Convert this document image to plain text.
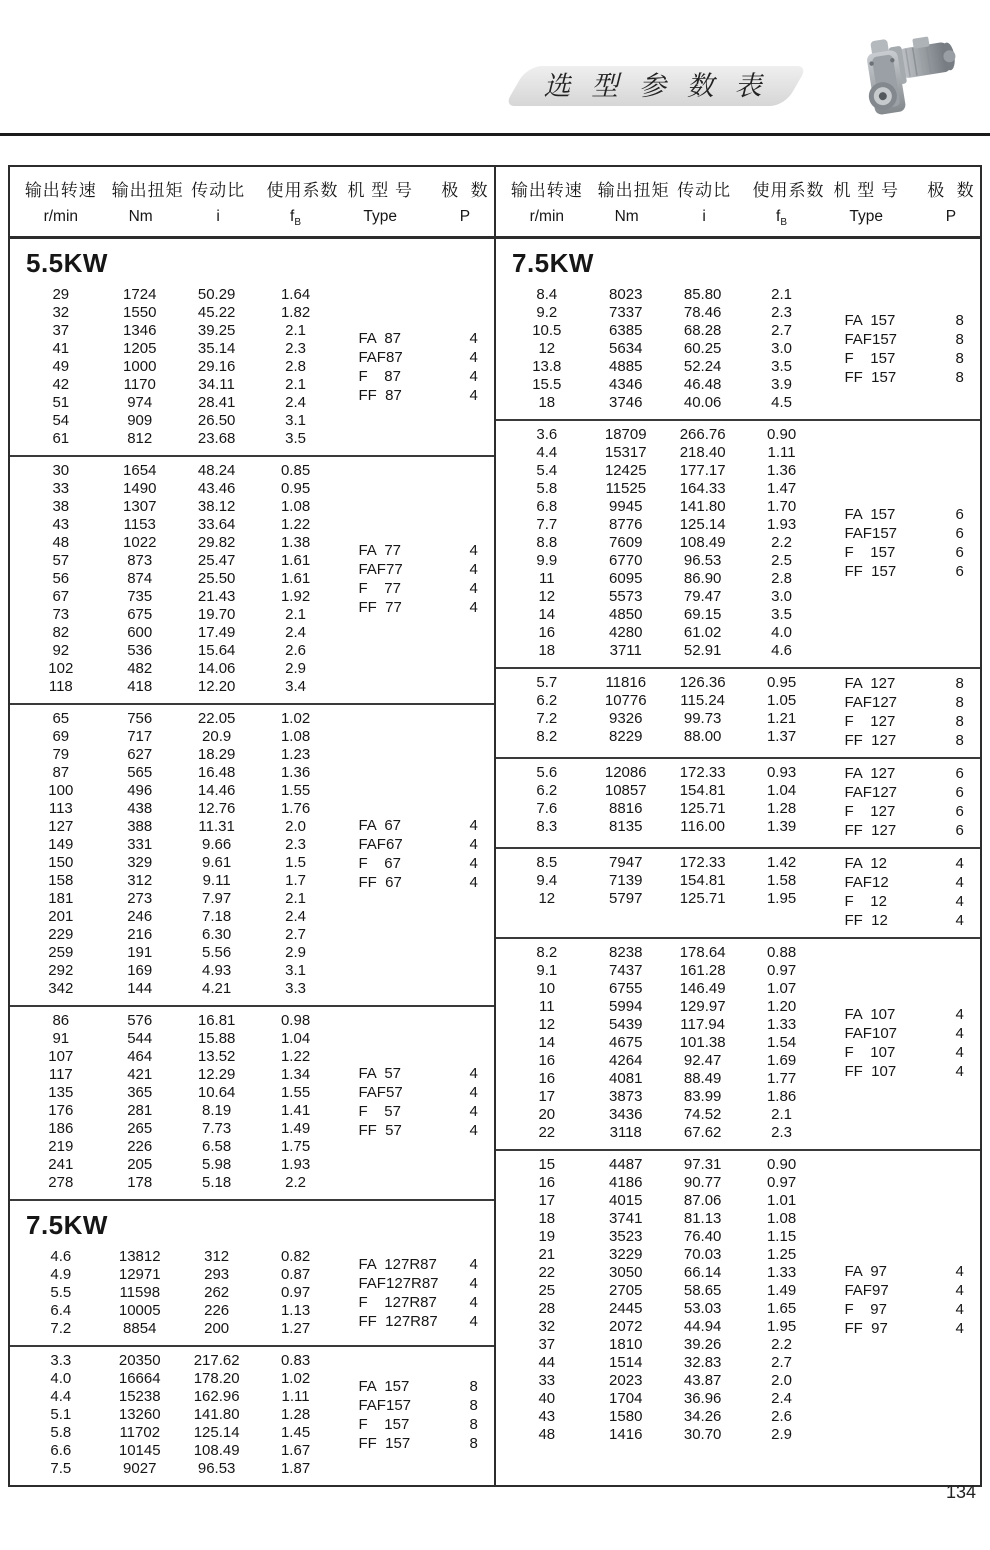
选 型 参 数 表
输出转速
r/min
输出扭矩
Nm
传动比
i
使用系数
$f_B$
机 型 号
Type
极  数
P
5.5KW
29	1724	50.29	1.64
32	1550	45.22	1.82
37	1346	39.25	2.1
41	1205	35.14	2.3
49	1000	29.16	2.8
42	1170	34.11	2.1
51	974	28.41	2.4
54	909	26.50	3.1
61	812	23.68	3.5
FA  87	4
FAF87	4
F    87	4
FF  87	4
30	1654	48.24	0.85
33	1490	43.46	0.95
38	1307	38.12	1.08
43	1153	33.64	1.22
48	1022	29.82	1.38
57	873	25.47	1.61
56	874	25.50	1.61
67	735	21.43	1.92
73	675	19.70	2.1
82	600	17.49	2.4
92	536	15.64	2.6
102	482	14.06	2.9
118	418	12.20	3.4
FA  77	4
FAF77	4
F    77	4
FF  77	4
65	756	22.05	1.02
69	717	20.9	1.08
79	627	18.29	1.23
87	565	16.48	1.36
100	496	14.46	1.55
113	438	12.76	1.76
127	388	11.31	2.0
149	331	9.66	2.3
150	329	9.61	1.5
158	312	9.11	1.7
181	273	7.97	2.1
201	246	7.18	2.4
229	216	6.30	2.7
259	191	5.56	2.9
292	169	4.93	3.1
342	144	4.21	3.3
FA  67	4
FAF67	4
F    67	4
FF  67	4
86	576	16.81	0.98
91	544	15.88	1.04
107	464	13.52	1.22
117	421	12.29	1.34
135	365	10.64	1.55
176	281	8.19	1.41
186	265	7.73	1.49
219	226	6.58	1.75
241	205	5.98	1.93
278	178	5.18	2.2
FA  57	4
FAF57	4
F    57	4
FF  57	4
7.5KW
4.6	13812	312	0.82
4.9	12971	293	0.87
5.5	11598	262	0.97
6.4	10005	226	1.13
7.2	8854	200	1.27
FA  127R87	4
FAF127R87	4
F    127R87	4
FF  127R87	4
3.3	20350	217.62	0.83
4.0	16664	178.20	1.02
4.4	15238	162.96	1.11
5.1	13260	141.80	1.28
5.8	11702	125.14	1.45
6.6	10145	108.49	1.67
7.5	9027	96.53	1.87
FA  157	8
FAF157	8
F    157	8
FF  157	8
输出转速
r/min
输出扭矩
Nm
传动比
i
使用系数
$f_B$
机 型 号
Type
极  数
P
7.5KW
8.4	8023	85.80	2.1
9.2	7337	78.46	2.3
10.5	6385	68.28	2.7
12	5634	60.25	3.0
13.8	4885	52.24	3.5
15.5	4346	46.48	3.9
18	3746	40.06	4.5
FA  157	8
FAF157	8
F    157	8
FF  157	8
3.6	18709	266.76	0.90
4.4	15317	218.40	1.11
5.4	12425	177.17	1.36
5.8	11525	164.33	1.47
6.8	9945	141.80	1.70
7.7	8776	125.14	1.93
8.8	7609	108.49	2.2
9.9	6770	96.53	2.5
11	6095	86.90	2.8
12	5573	79.47	3.0
14	4850	69.15	3.5
16	4280	61.02	4.0
18	3711	52.91	4.6
FA  157	6
FAF157	6
F    157	6
FF  157	6
5.7	11816	126.36	0.95
6.2	10776	115.24	1.05
7.2	9326	99.73	1.21
8.2	8229	88.00	1.37
FA  127	8
FAF127	8
F    127	8
FF  127	8
5.6	12086	172.33	0.93
6.2	10857	154.81	1.04
7.6	8816	125.71	1.28
8.3	8135	116.00	1.39
FA  127	6
FAF127	6
F    127	6
FF  127	6
8.5	7947	172.33	1.42
9.4	7139	154.81	1.58
12	5797	125.71	1.95
FA  12	4
FAF12	4
F    12	4
FF  12	4
8.2	8238	178.64	0.88
9.1	7437	161.28	0.97
10	6755	146.49	1.07
11	5994	129.97	1.20
12	5439	117.94	1.33
14	4675	101.38	1.54
16	4264	92.47	1.69
16	4081	88.49	1.77
17	3873	83.99	1.86
20	3436	74.52	2.1
22	3118	67.62	2.3
FA  107	4
FAF107	4
F    107	4
FF  107	4
15	4487	97.31	0.90
16	4186	90.77	0.97
17	4015	87.06	1.01
18	3741	81.13	1.08
19	3523	76.40	1.15
21	3229	70.03	1.25
22	3050	66.14	1.33
25	2705	58.65	1.49
28	2445	53.03	1.65
32	2072	44.94	1.95
37	1810	39.26	2.2
44	1514	32.83	2.7
33	2023	43.87	2.0
40	1704	36.96	2.4
43	1580	34.26	2.6
48	1416	30.70	2.9
FA  97	4
FAF97	4
F    97	4
FF  97	4
134
